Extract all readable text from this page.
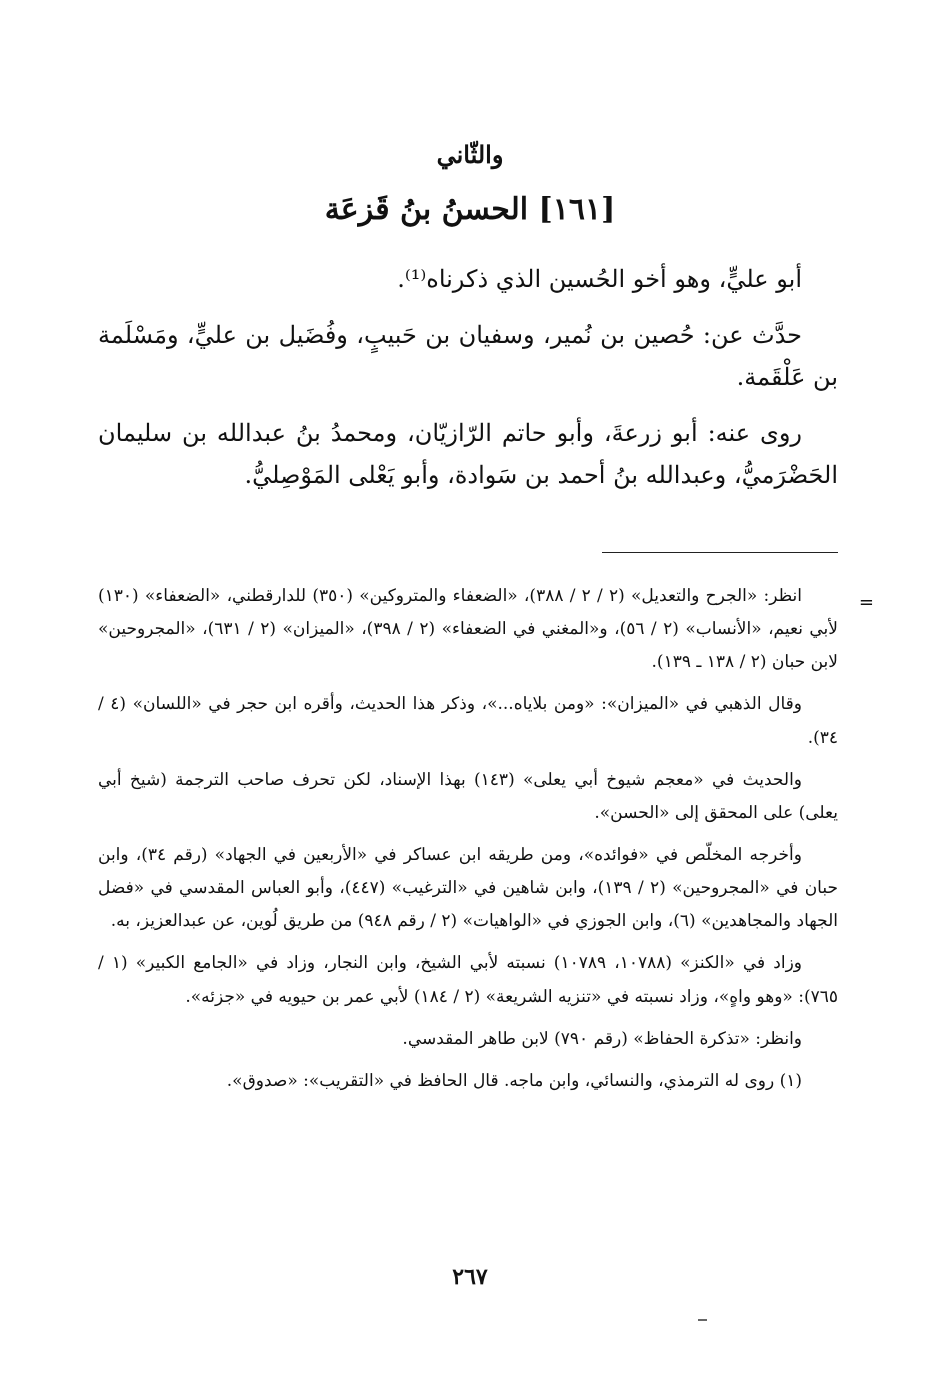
والثّاني
[١٦١] الحسنُ بنُ قَزعَة

أبو عليٍّ، وهو أخو الحُسين الذي ذكرناه⁽¹⁾.

حدَّث عن: حُصين بن نُمير، وسفيان بن حَبيبٍ، وفُضَيل بن عليٍّ، ومَسْلَمة بن عَلْقَمة.

روى عنه: أبو زرعةَ، وأبو حاتم الرّازيّان، ومحمدُ بنُ عبدالله بن سليمان الحَضْرَميُّ، وعبدالله بنُ أحمد بن سَوادة، وأبو يَعْلى المَوْصِليُّ.

=

انظر: «الجرح والتعديل» (٢ / ٢ / ٣٨٨)، «الضعفاء والمتروكين» (٣٥٠) للدارقطني، «الضعفاء» (١٣٠) لأبي نعيم، «الأنساب» (٢ / ٥٦)، و«المغني في الضعفاء» (٢ / ٣٩٨)، «الميزان» (٢ / ٦٣١)، «المجروحين» لابن حبان (٢ / ١٣٨ ـ ١٣٩).

وقال الذهبي في «الميزان»: «ومن بلاياه...»، وذكر هذا الحديث، وأقره ابن حجر في «اللسان» (٤ / ٣٤).

والحديث في «معجم شيوخ أبي يعلى» (١٤٣) بهذا الإسناد، لكن تحرف صاحب الترجمة (شيخ أبي يعلى) على المحقق إلى «الحسن».

وأخرجه المخلّص في «فوائده»، ومن طريقه ابن عساكر في «الأربعين في الجهاد» (رقم ٣٤)، وابن حبان في «المجروحين» (٢ / ١٣٩)، وابن شاهين في «الترغيب» (٤٤٧)، وأبو العباس المقدسي في «فضل الجهاد والمجاهدين» (٦)، وابن الجوزي في «الواهيات» (٢ / رقم ٩٤٨) من طريق لُوين، عن عبدالعزيز، به.

وزاد في «الكنز» (١٠٧٨٨، ١٠٧٨٩) نسبته لأبي الشيخ، وابن النجار، وزاد في «الجامع الكبير» (١ / ٧٦٥): «وهو واهٍ»، وزاد نسبته في «تنزيه الشريعة» (٢ / ١٨٤) لأبي عمر بن حيويه في «جزئه».

وانظر: «تذكرة الحفاظ» (رقم ٧٩٠) لابن طاهر المقدسي.

(١) روى له الترمذي، والنسائي، وابن ماجه. قال الحافظ في «التقريب»: «صدوق».

٢٦٧
